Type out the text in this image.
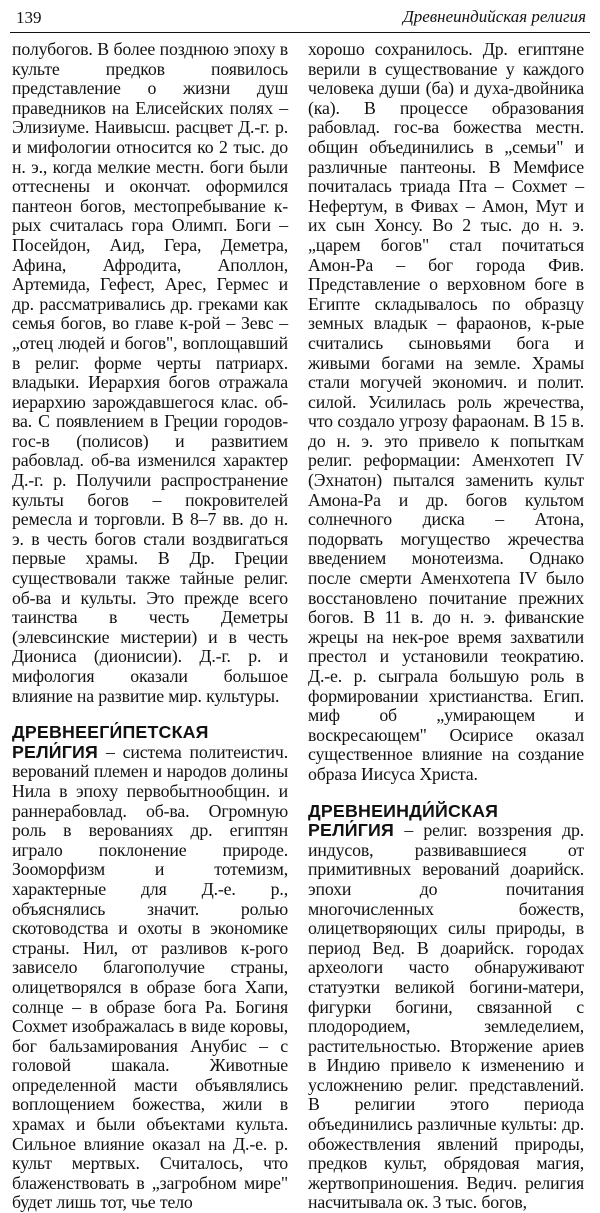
139	Древнеиндийская религия

полубогов. В более позднюю эпоху в культе предков появилось представление о жизни душ праведников на Елисейских полях – Элизиуме. Наивысш. расцвет Д.-г. р. и мифологии относится ко 2 тыс. до н. э., когда мелкие местн. боги были оттеснены и окончат. оформился пантеон богов, местопребывание к-рых считалась гора Олимп. Боги – Посейдон, Аид, Гера, Деметра, Афина, Афродита, Аполлон, Артемида, Гефест, Арес, Гермес и др. рассматривались др. греками как семья богов, во главе к-рой – Зевс – „отец людей и богов", воплощавший в религ. форме черты патриарх. владыки. Иерархия богов отражала иерархию зарождавшегося клас. об-ва. С появлением в Греции городов-гос-в (полисов) и развитием рабовлад. об-ва изменился характер Д.-г. р. Получили распространение культы богов – покровителей ремесла и торговли. В 8–7 вв. до н. э. в честь богов стали воздвигаться первые храмы. В Др. Греции существовали также тайные религ. об-ва и культы. Это прежде всего таинства в честь Деметры (элевсинские мистерии) и в честь Диониса (дионисии). Д.-г. р. и мифология оказали большое влияние на развитие мир. культуры.

ДРЕВНЕЕГИ́ПЕТСКАЯ РЕЛИ́ГИЯ – система политеистич. верований племен и народов долины Нила в эпоху первобытнообщин. и раннерабовлад. об-ва. Огромную роль в верованиях др. египтян играло поклонение природе. Зооморфизм и тотемизм, характерные для Д.-е. р., объяснялись значит. ролью скотоводства и охоты в экономике страны. Нил, от разливов к-рого зависело благополучие страны, олицетворялся в образе бога Хапи, солнце – в образе бога Ра. Богиня Сохмет изображалась в виде коровы, бог бальзамирования Анубис – с головой шакала. Животные определенной масти объявлялись воплощением божества, жили в храмах и были объектами культа. Сильное влияние оказал на Д.-е. р. культ мертвых. Считалось, что блаженствовать в „загробном мире" будет лишь тот, чье тело

хорошо сохранилось. Др. египтяне верили в существование у каждого человека души (ба) и духа-двойника (ка). В процессе образования рабовлад. гос-ва божества местн. общин объединились в „семьи" и различные пантеоны. В Мемфисе почиталась триада Пта – Сохмет – Нефертум, в Фивах – Амон, Мут и их сын Хонсу. Во 2 тыс. до н. э. „царем богов" стал почитаться Амон-Ра – бог города Фив. Представление о верховном боге в Египте складывалось по образцу земных владык – фараонов, к-рые считались сыновьями бога и живыми богами на земле. Храмы стали могучей экономич. и полит. силой. Усилилась роль жречества, что создало угрозу фараонам. В 15 в. до н. э. это привело к попыткам религ. реформации: Аменхотеп IV (Эхнатон) пытался заменить культ Амона-Ра и др. богов культом солнечного диска – Атона, подорвать могущество жречества введением монотеизма. Однако после смерти Аменхотепа IV было восстановлено почитание прежних богов. В 11 в. до н. э. фиванские жрецы на нек-рое время захватили престол и установили теократию. Д.-е. р. сыграла большую роль в формировании христианства. Егип. миф об „умирающем и воскресающем" Осирисе оказал существенное влияние на создание образа Иисуса Христа.

ДРЕВНЕИНДИ́ЙСКАЯ РЕЛИ́ГИЯ – религ. воззрения др. индусов, развивавшиеся от примитивных верований доарийск. эпохи до почитания многочисленных божеств, олицетворяющих силы природы, в период Вед. В доарийск. городах археологи часто обнаруживают статуэтки великой богини-матери, фигурки богини, связанной с плодородием, земледелием, растительностью. Вторжение ариев в Индию привело к изменению и усложнению религ. представлений. В религии этого периода объединились различные культы: др. обожествления явлений природы, предков культ, обрядовая магия, жертвоприношения. Ведич. религия насчитывала ок. 3 тыс. богов,
